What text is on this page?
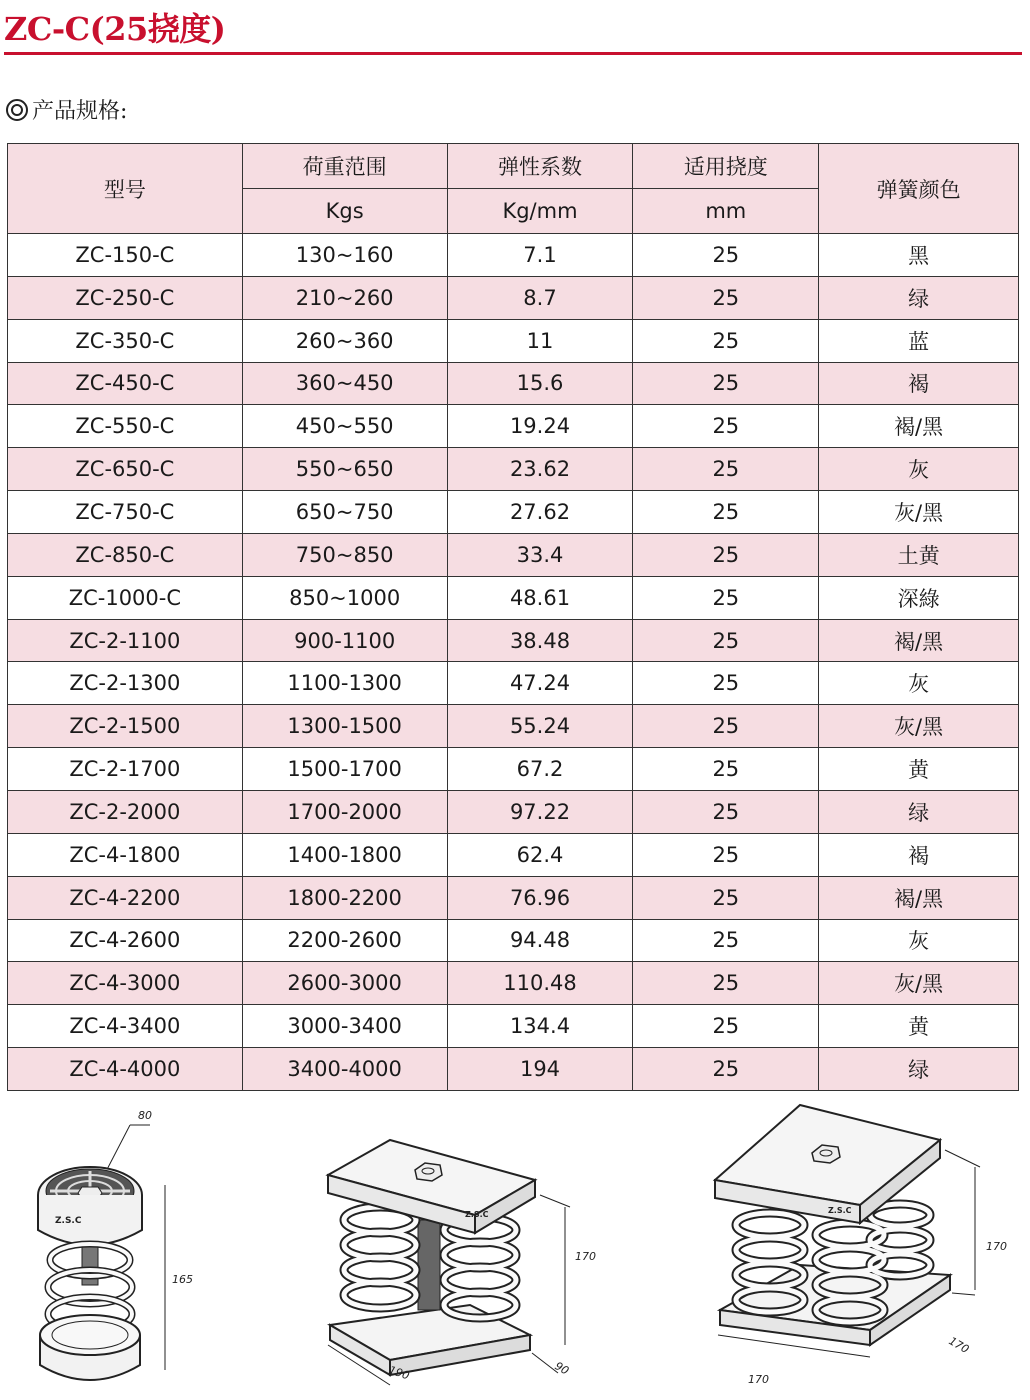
ZC-C(25挠度)
产品规格:
型号	荷重范围	弹性系数	适用挠度	弹簧颜色
	Kgs	Kg/mm	mm	
ZC-150-C	130~160	7.1	25	黑
ZC-250-C	210~260	8.7	25	绿
ZC-350-C	260~360	11	25	蓝
ZC-450-C	360~450	15.6	25	褐
ZC-550-C	450~550	19.24	25	褐/黑
ZC-650-C	550~650	23.62	25	灰
ZC-750-C	650~750	27.62	25	灰/黑
ZC-850-C	750~850	33.4	25	土黄
ZC-1000-C	850~1000	48.61	25	深綠
ZC-2-1100	900-1100	38.48	25	褐/黑
ZC-2-1300	1100-1300	47.24	25	灰
ZC-2-1500	1300-1500	55.24	25	灰/黑
ZC-2-1700	1500-1700	67.2	25	黄
ZC-2-2000	1700-2000	97.22	25	绿
ZC-4-1800	1400-1800	62.4	25	褐
ZC-4-2200	1800-2200	76.96	25	褐/黑
ZC-4-2600	2200-2600	94.48	25	灰
ZC-4-3000	2600-3000	110.48	25	灰/黑
ZC-4-3400	3000-3400	134.4	25	黄
ZC-4-4000	3400-4000	194	25	绿
80
165
Z.S.C
Z.S.C
170
190	90
Z.S.C
170
170
170
